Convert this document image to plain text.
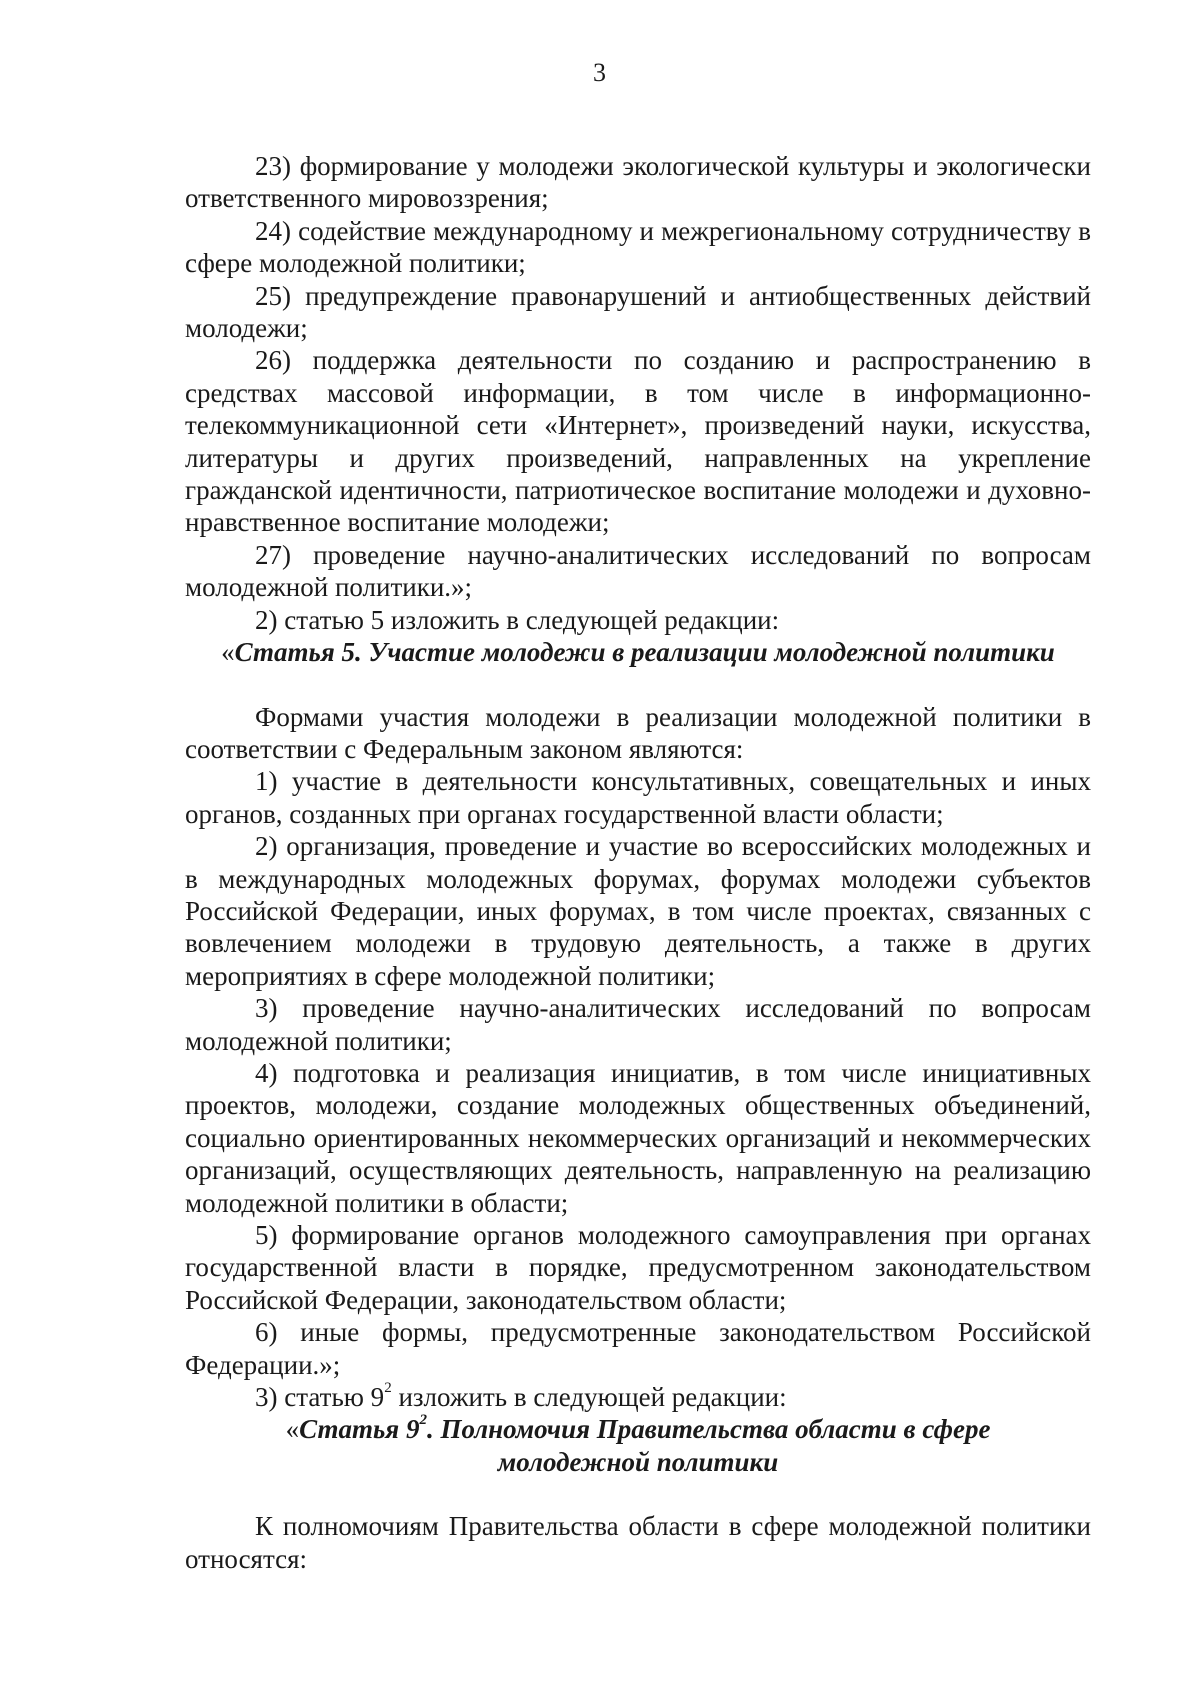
3

23) формирование у молодежи экологической культуры и экологически ответственного мировоззрения;

24) содействие международному и межрегиональному сотрудничеству в сфере молодежной политики;

25) предупреждение правонарушений и антиобщественных действий молодежи;

26) поддержка деятельности по созданию и распространению в средствах массовой информации, в том числе в информационно-телекоммуникационной сети «Интернет», произведений науки, искусства, литературы и других произведений, направленных на укрепление гражданской идентичности, патриотическое воспитание молодежи и духовно-нравственное воспитание молодежи;

27) проведение научно-аналитических исследований по вопросам молодежной политики.»;

2) статью 5 изложить в следующей редакции:

«Статья 5. Участие молодежи в реализации молодежной политики

Формами участия молодежи в реализации молодежной политики в соответствии с Федеральным законом являются:

1) участие в деятельности консультативных, совещательных и иных органов, созданных при органах государственной власти области;

2) организация, проведение и участие во всероссийских молодежных и в международных молодежных форумах, форумах молодежи субъектов Российской Федерации, иных форумах, в том числе проектах, связанных с вовлечением молодежи в трудовую деятельность, а также в других мероприятиях в сфере молодежной политики;

3) проведение научно-аналитических исследований по вопросам молодежной политики;

4) подготовка и реализация инициатив, в том числе инициативных проектов, молодежи, создание молодежных общественных объединений, социально ориентированных некоммерческих организаций и некоммерческих организаций, осуществляющих деятельность, направленную на реализацию молодежной политики в области;

5) формирование органов молодежного самоуправления при органах государственной власти в порядке, предусмотренном законодательством Российской Федерации, законодательством области;

6) иные формы, предусмотренные законодательством Российской Федерации.»;

3) статью $9^2$ изложить в следующей редакции:

«Статья $9^2$. Полномочия Правительства области в сфере
молодежной политики

К полномочиям Правительства области в сфере молодежной политики относятся:
